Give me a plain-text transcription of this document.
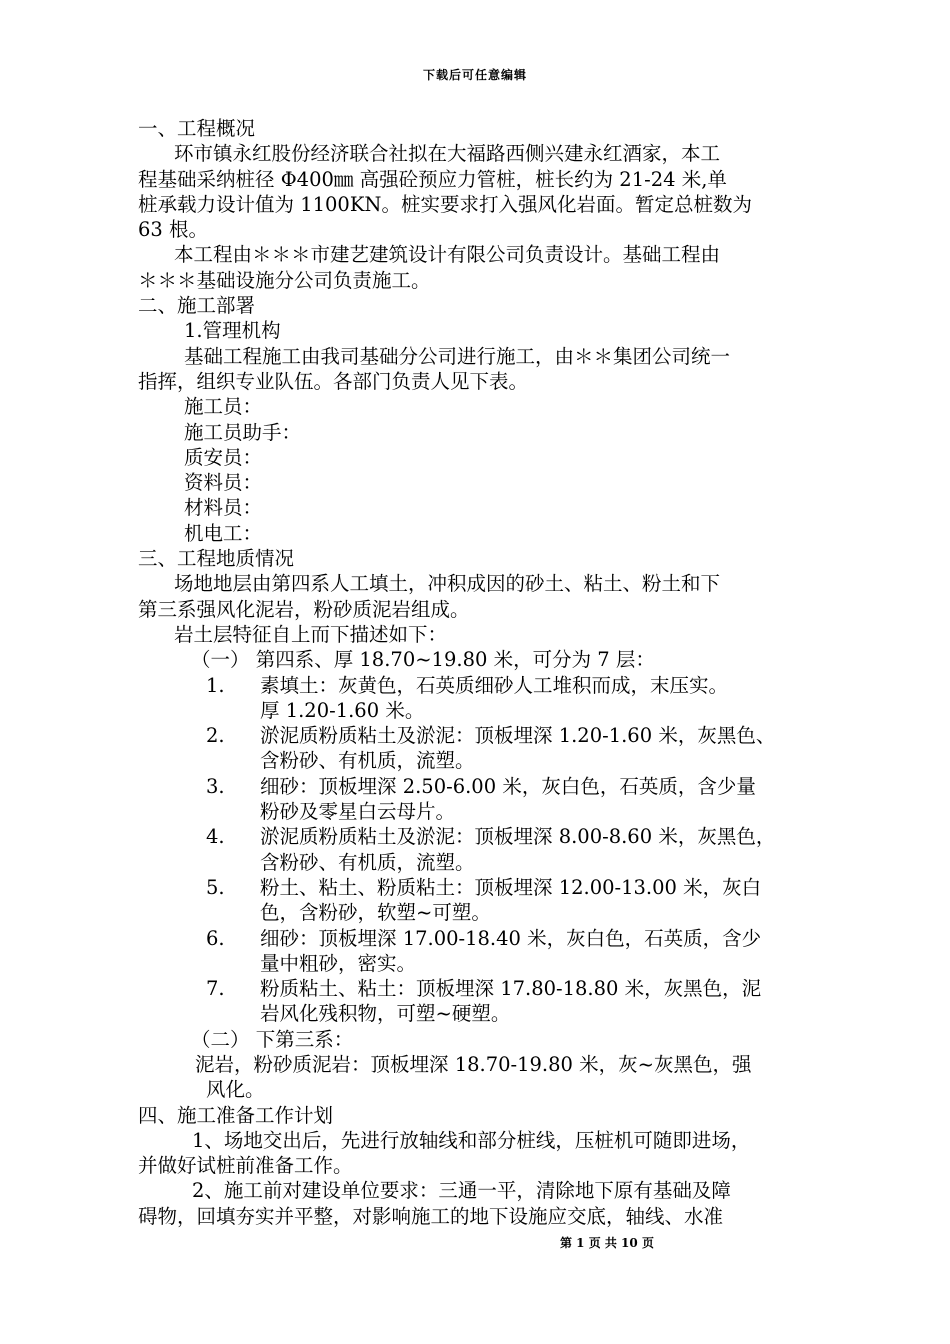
下载后可任意编辑
一、工程概况
环市镇永红股份经济联合社拟在大福路西侧兴建永红酒家，本工
程基础采纳桩径 Φ400㎜ 高强砼预应力管桩，桩长约为 21-24 米,单
桩承载力设计值为 1100KN。桩实要求打入强风化岩面。暂定总桩数为
63 根。
本工程由＊＊＊市建艺建筑设计有限公司负责设计。基础工程由
＊＊＊基础设施分公司负责施工。
二、施工部署
1.管理机构
基础工程施工由我司基础分公司进行施工，由＊＊集团公司统一
指挥，组织专业队伍。各部门负责人见下表。
施工员：
施工员助手：
质安员：
资料员：
材料员：
机电工：
三、工程地质情况
场地地层由第四系人工填土，冲积成因的砂土、粘土、粉土和下
第三系强风化泥岩，粉砂质泥岩组成。
岩土层特征自上而下描述如下：
（一） 第四系、厚 18.70~19.80 米，可分为 7 层：
1. 素填土：灰黄色，石英质细砂人工堆积而成，末压实。
厚 1.20-1.60 米。
2. 淤泥质粉质粘土及淤泥：顶板埋深 1.20-1.60 米，灰黑色、
含粉砂、有机质，流塑。
3. 细砂：顶板埋深 2.50-6.00 米，灰白色，石英质，含少量
粉砂及零星白云母片。
4. 淤泥质粉质粘土及淤泥：顶板埋深 8.00-8.60 米，灰黑色，
含粉砂、有机质，流塑。
5. 粉土、粘土、粉质粘土：顶板埋深 12.00-13.00 米，灰白
色，含粉砂，软塑~可塑。
6. 细砂：顶板埋深 17.00-18.40 米，灰白色，石英质，含少
量中粗砂，密实。
7. 粉质粘土、粘土：顶板埋深 17.80-18.80 米，灰黑色，泥
岩风化残积物，可塑~硬塑。
（二） 下第三系：
泥岩，粉砂质泥岩：顶板埋深 18.70-19.80 米，灰~灰黑色，强
风化。
四、施工准备工作计划
1、场地交出后，先进行放轴线和部分桩线，压桩机可随即进场，
并做好试桩前准备工作。
2、施工前对建设单位要求：三通一平，清除地下原有基础及障
碍物，回填夯实并平整，对影响施工的地下设施应交底，轴线、水准
第 1 页 共 10 页
